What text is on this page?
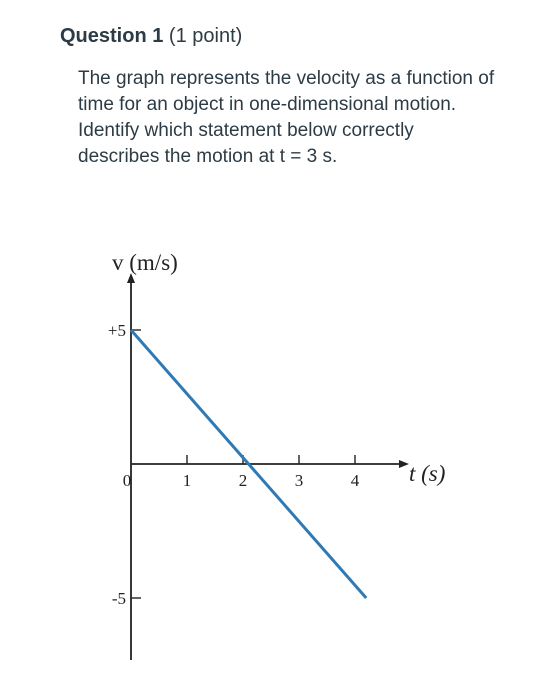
Question 1 (1 point)
The graph represents the velocity as a function of time for an object in one-dimensional motion. Identify which statement below correctly describes the motion at t = 3 s.
v (m/s)
t (s)
0	1	2	3	4
+5
-5
